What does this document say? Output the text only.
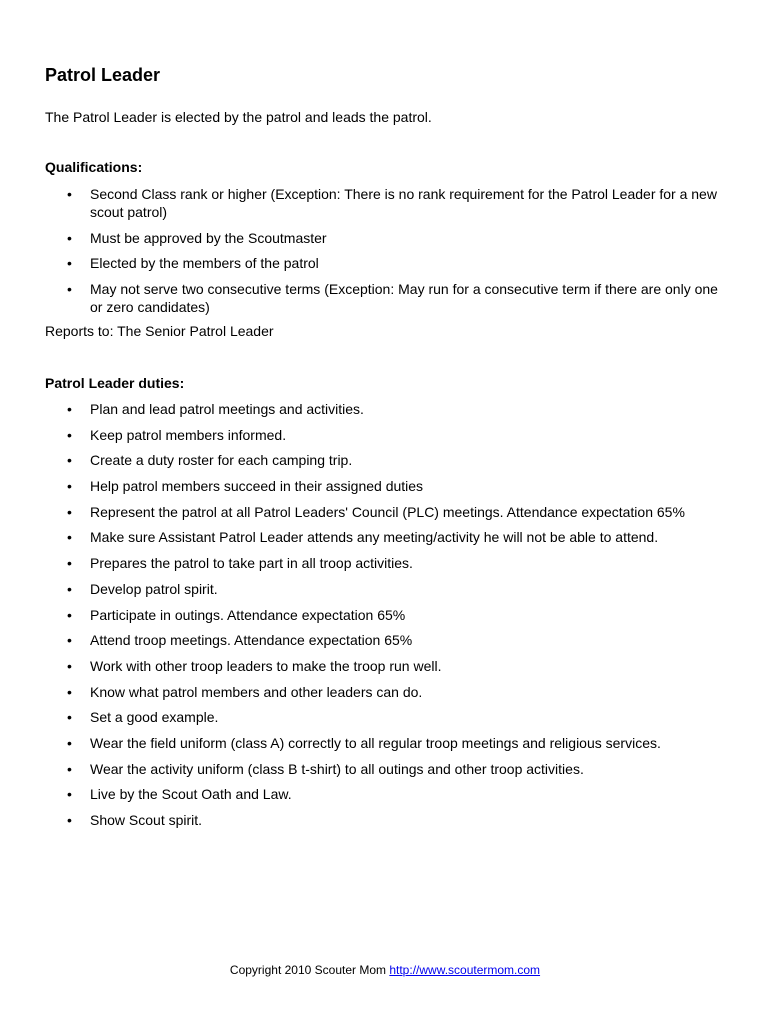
Patrol Leader

The Patrol Leader is elected by the patrol and leads the patrol.

Qualifications:

• Second Class rank or higher (Exception: There is no rank requirement for the Patrol Leader for a new scout patrol)
• Must be approved by the Scoutmaster
• Elected by the members of the patrol
• May not serve two consecutive terms (Exception: May run for a consecutive term if there are only one or zero candidates)

Reports to: The Senior Patrol Leader

Patrol Leader duties:

• Plan and lead patrol meetings and activities.
• Keep patrol members informed.
• Create a duty roster for each camping trip.
• Help patrol members succeed in their assigned duties
• Represent the patrol at all Patrol Leaders' Council (PLC) meetings. Attendance expectation 65%
• Make sure Assistant Patrol Leader attends any meeting/activity he will not be able to attend.
• Prepares the patrol to take part in all troop activities.
• Develop patrol spirit.
• Participate in outings. Attendance expectation 65%
• Attend troop meetings. Attendance expectation 65%
• Work with other troop leaders to make the troop run well.
• Know what patrol members and other leaders can do.
• Set a good example.
• Wear the field uniform (class A) correctly to all regular troop meetings and religious services.
• Wear the activity uniform (class B t-shirt) to all outings and other troop activities.
• Live by the Scout Oath and Law.
• Show Scout spirit.
Copyright 2010 Scouter Mom http://www.scoutermom.com
